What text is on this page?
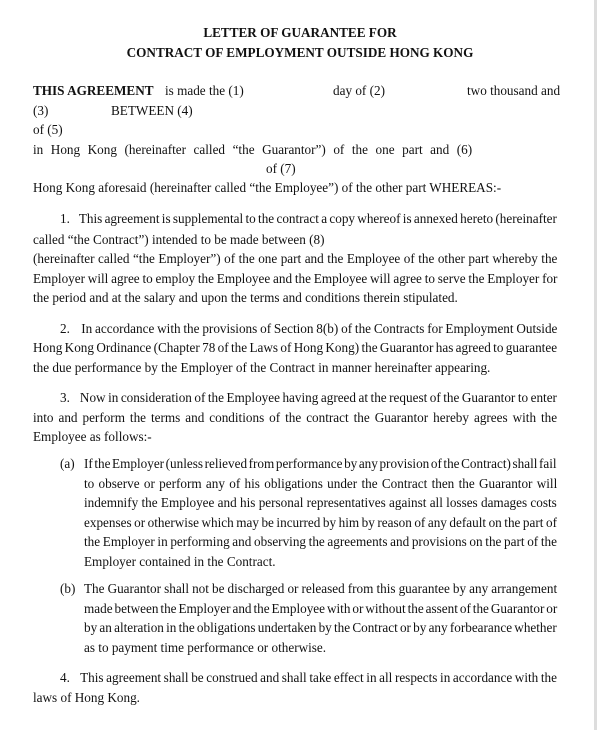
LETTER OF GUARANTEE FOR
CONTRACT OF EMPLOYMENT OUTSIDE HONG KONG
THIS AGREEMENT is made the (1)	day of (2)	two thousand and
(3)	BETWEEN (4)
of (5)
in Hong Kong (hereinafter called “the Guarantor”) of the one part and (6)
of (7)
Hong Kong aforesaid (hereinafter called “the Employee”) of the other part WHEREAS:-
1.    This agreement is supplemental to the contract a copy whereof is annexed hereto (hereinafter
called “the Contract”) intended to be made between (8)
(hereinafter called “the Employer”) of the one part and the Employee of the other part whereby the
Employer will agree to employ the Employee and the Employee will agree to serve the Employer for
the period and at the salary and upon the terms and conditions therein stipulated.
2.    In accordance with the provisions of Section 8(b) of the Contracts for Employment Outside
Hong Kong Ordinance (Chapter 78 of the Laws of Hong Kong) the Guarantor has agreed to guarantee
the due performance by the Employer of the Contract in manner hereinafter appearing.
3.    Now in consideration of the Employee having agreed at the request of the Guarantor to enter
into and perform the terms and conditions of the contract the Guarantor hereby agrees with the
Employee as follows:-
(a) If the Employer (unless relieved from performance by any provision of the Contract) shall fail
to observe or perform any of his obligations under the Contract then the Guarantor will
indemnify the Employee and his personal representatives against all losses damages costs
expenses or otherwise which may be incurred by him by reason of any default on the part of
the Employer in performing and observing the agreements and provisions on the part of the
Employer contained in the Contract.
(b) The Guarantor shall not be discharged or released from this guarantee by any arrangement
made between the Employer and the Employee with or without the assent of the Guarantor or
by an alteration in the obligations undertaken by the Contract or by any forbearance whether
as to payment time performance or otherwise.
4.    This agreement shall be construed and shall take effect in all respects in accordance with the
laws of Hong Kong.
